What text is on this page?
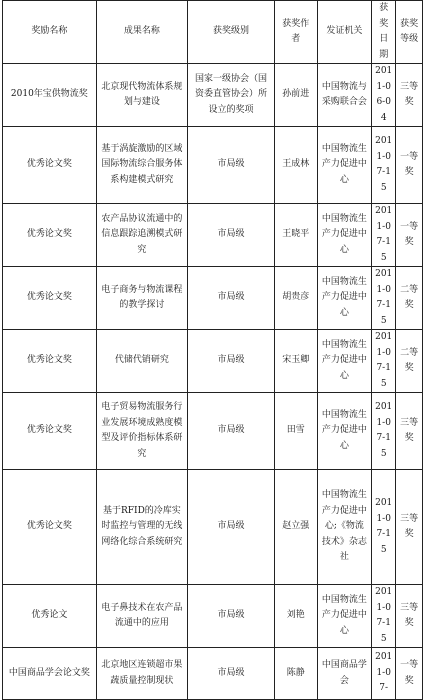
奖励名称	成果名称	获奖级别	获奖作者	发证机关	获奖日期	获奖等级
2010年宝供物流奖	北京现代物流体系规划与建设	国家一级协会（国资委直管协会）所设立的奖项	孙前进	中国物流与采购联合会	2011-06-04	三等奖
优秀论文奖	基于涡旋激励的区域国际物流综合服务体系构建模式研究	市局级	王成林	中国物流生产力促进中心	2011-07-15	一等奖
优秀论文奖	农产品协议流通中的信息跟踪追溯模式研究	市局级	王晓平	中国物流生产力促进中心	2011-07-15	一等奖
优秀论文奖	电子商务与物流课程的教学探讨	市局级	胡贵彦	中国物流生产力促进中心	2011-07-15	二等奖
优秀论文奖	代储代销研究	市局级	宋玉卿	中国物流生产力促进中心	2011-07-15	二等奖
优秀论文奖	电子贸易物流服务行业发展环境成熟度模型及评价指标体系研究	市局级	田雪	中国物流生产力促进中心	2011-07-15	三等奖
优秀论文奖	基于RFID的冷库实时监控与管理的无线网络化综合系统研究	市局级	赵立强	中国物流生产力促进中心;《物流技术》杂志社	2011-07-15	三等奖
优秀论文	电子鼻技术在农产品流通中的应用	市局级	刘艳	中国物流生产力促进中心	2011-07-15	三等奖
中国商品学会论文奖	北京地区连锁超市果蔬质量控制现状	市局级	陈静	中国商品学会	2011-07-	一等奖
